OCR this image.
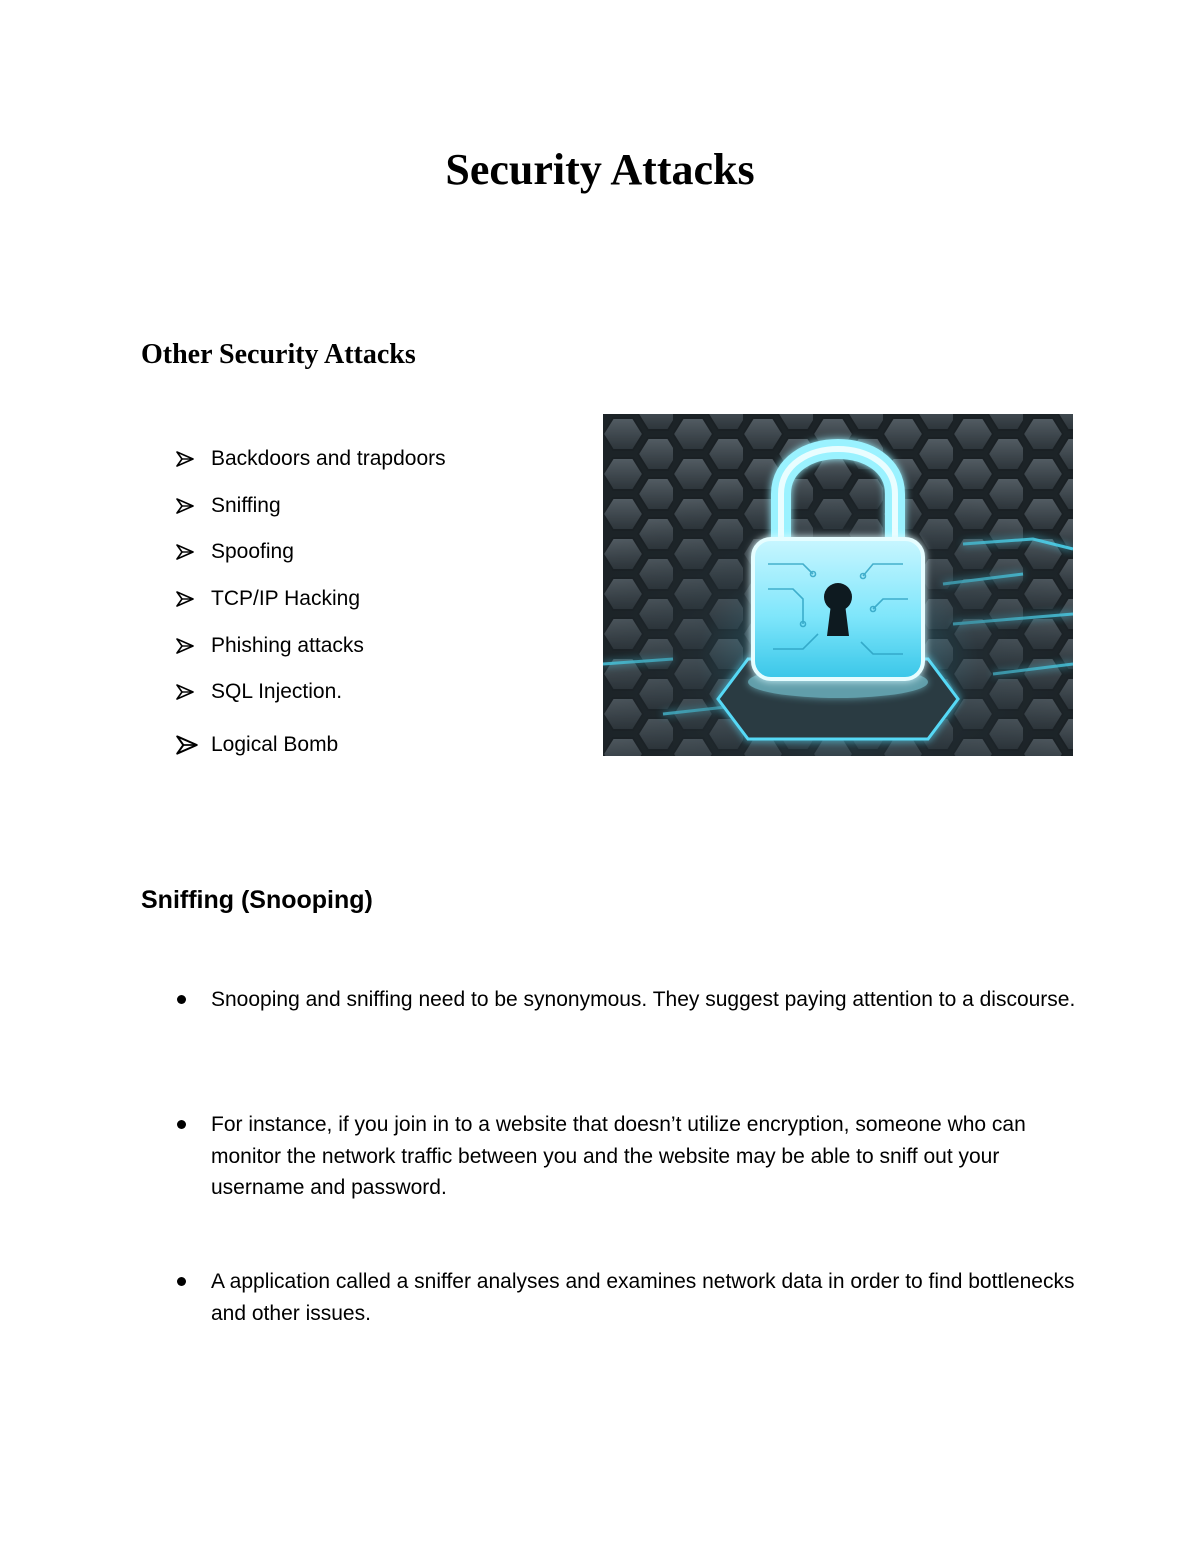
Security Attacks
Other Security Attacks
Backdoors and trapdoors
Sniffing
Spoofing
TCP/IP Hacking
Phishing attacks
SQL Injection.
Logical Bomb
Sniffing (Snooping)
Snooping and sniffing need to be synonymous. They suggest paying attention to a discourse.
For instance, if you join in to a website that doesn’t utilize encryption, someone who can monitor the network traffic between you and the website may be able to sniff out your username and password.
A application called a sniffer analyses and examines network data in order to find bottlenecks and other issues.
